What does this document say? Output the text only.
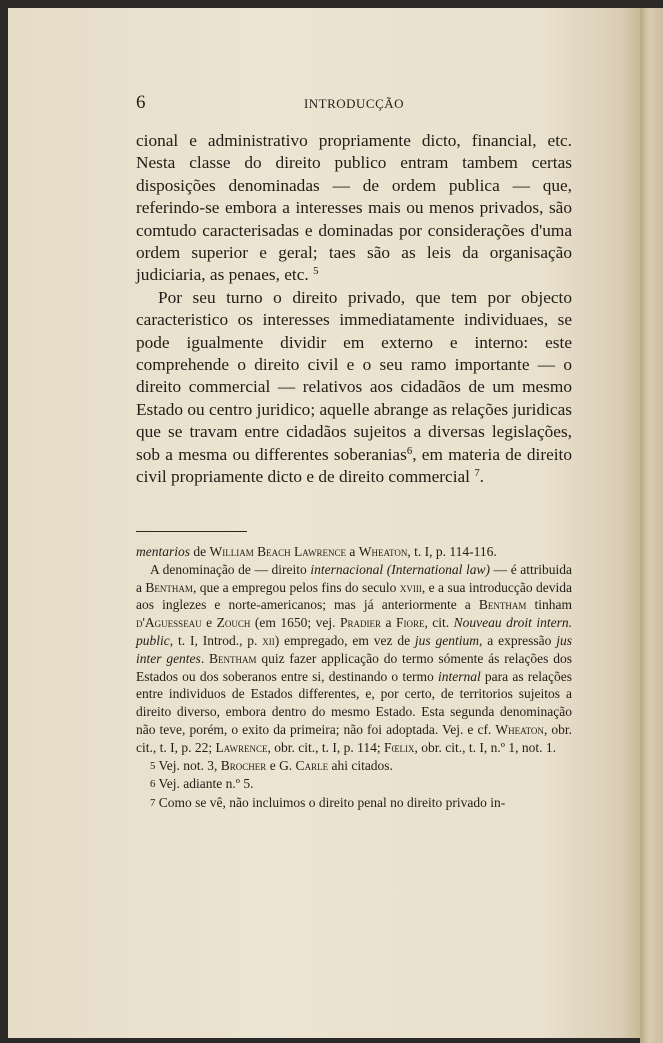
6	INTRODUCÇÃO

cional e administrativo propriamente dicto, financial, etc. Nesta classe do direito publico entram tambem certas disposições denominadas — de ordem publica — que, referindo-se embora a interesses mais ou menos privados, são comtudo caracterisadas e dominadas por considerações d'uma ordem superior e geral; taes são as leis da organisação judiciaria, as penaes, etc. $^5$

Por seu turno o direito privado, que tem por objecto caracteristico os interesses immediatamente individuaes, se pode igualmente dividir em externo e interno: este comprehende o direito civil e o seu ramo importante — o direito commercial — relativos aos cidadãos de um mesmo Estado ou centro juridico; aquelle abrange as relações juridicas que se travam entre cidadãos sujeitos a diversas legislações, sob a mesma ou differentes soberanias$^6$, em materia de direito civil propriamente dicto e de direito commercial $^7$.

mentarios de William Beach Lawrence a Wheaton, t. I, p. 114-116.

A denominação de — direito internacional (International law) — é attribuida a Bentham, que a empregou pelos fins do seculo xviii, e a sua introducção devida aos inglezes e norte-americanos; mas já anteriormente a Bentham tinham d'Aguesseau e Zouch (em 1650; vej. Pradier a Fiore, cit. Nouveau droit intern. public, t. I, Introd., p. xii) empregado, em vez de jus gentium, a expressão jus inter gentes. Bentham quiz fazer applicação do termo sómente ás relações dos Estados ou dos soberanos entre si, destinando o termo internal para as relações entre individuos de Estados differentes, e, por certo, de territorios sujeitos a direito diverso, embora dentro do mesmo Estado. Esta segunda denominação não teve, porém, o exito da primeira; não foi adoptada. Vej. e cf. Wheaton, obr. cit., t. I, p. 22; Lawrence, obr. cit., t. I, p. 114; Fœlix, obr. cit., t. I, n.º 1, not. 1.

5 Vej. not. 3, Brocher e G. Carle ahi citados.

6 Vej. adiante n.º 5.

7 Como se vê, não incluimos o direito penal no direito privado in-
